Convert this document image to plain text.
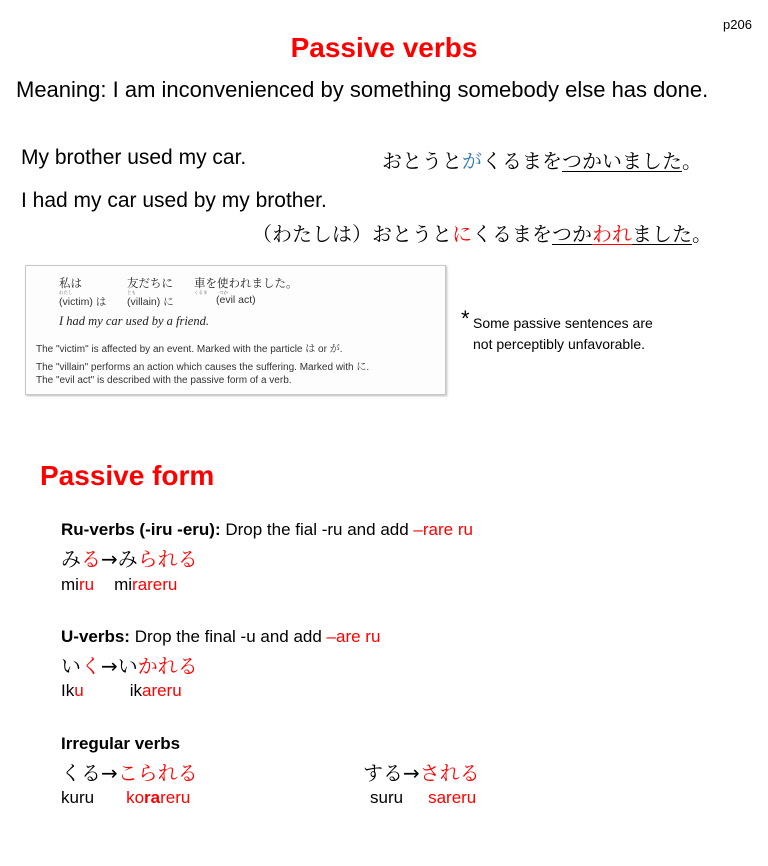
p206
Passive verbs
Meaning: I am inconvenienced by something somebody else has done.
My brother used my car.	おとうとがくるまをつかいました。
I had my car used by my brother.
（わたしは）おとうとにくるまをつかわれました。
私は
わたし
友だちに
とも
車を使われました。
くるま	つか
(victim) は (villain) に	(evil act)
I had my car used by a friend.
The "victim" is affected by an event. Marked with the particle は or が.
The "villain" performs an action which causes the suffering. Marked with に.
The "evil act" is described with the passive form of a verb.
* Some passive sentences are
not perceptibly unfavorable.
Passive form
Ru-verbs (-iru -eru): Drop the fial -ru and add –rare ru
みる→みられる
miru mirareru
U-verbs: Drop the final -u and add –are ru
いく→いかれる
Iku	ikareru
Irregular verbs
くる→こられる
kuru korareru
する→される
suru sareru
